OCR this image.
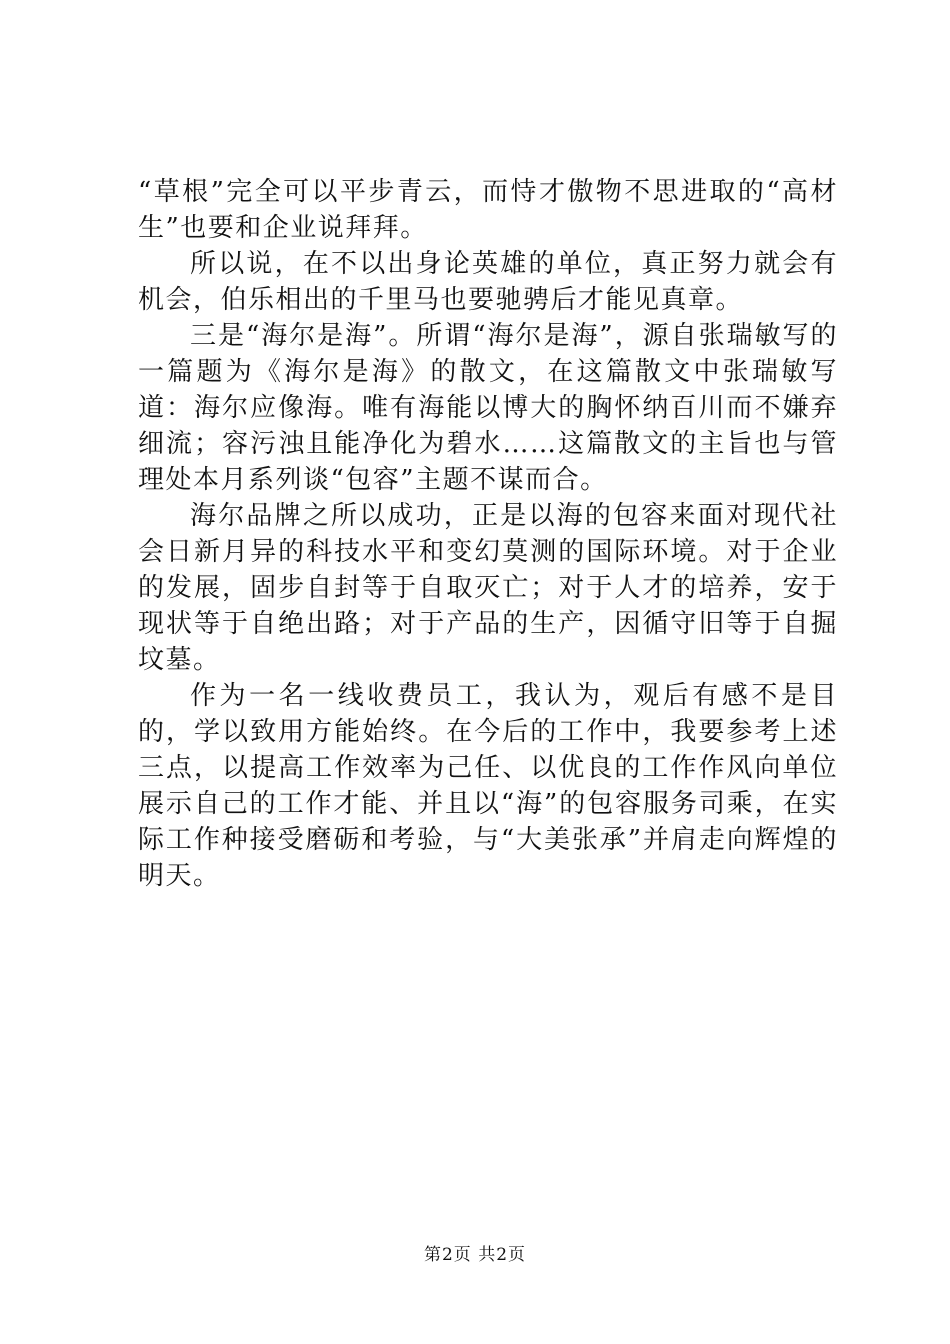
“草根”完全可以平步青云，而恃才傲物不思进取的“高材生”也要和企业说拜拜。

所以说，在不以出身论英雄的单位，真正努力就会有机会，伯乐相出的千里马也要驰骋后才能见真章。

三是“海尔是海”。所谓“海尔是海”，源自张瑞敏写的一篇题为《海尔是海》的散文，在这篇散文中张瑞敏写道：海尔应像海。唯有海能以博大的胸怀纳百川而不嫌弃细流；容污浊且能净化为碧水……这篇散文的主旨也与管理处本月系列谈“包容”主题不谋而合。

海尔品牌之所以成功，正是以海的包容来面对现代社会日新月异的科技水平和变幻莫测的国际环境。对于企业的发展，固步自封等于自取灭亡；对于人才的培养，安于现状等于自绝出路；对于产品的生产，因循守旧等于自掘坟墓。

作为一名一线收费员工，我认为，观后有感不是目的，学以致用方能始终。在今后的工作中，我要参考上述三点，以提高工作效率为己任、以优良的工作作风向单位展示自己的工作才能、并且以“海”的包容服务司乘，在实际工作种接受磨砺和考验，与“大美张承”并肩走向辉煌的明天。

第2页 共2页
